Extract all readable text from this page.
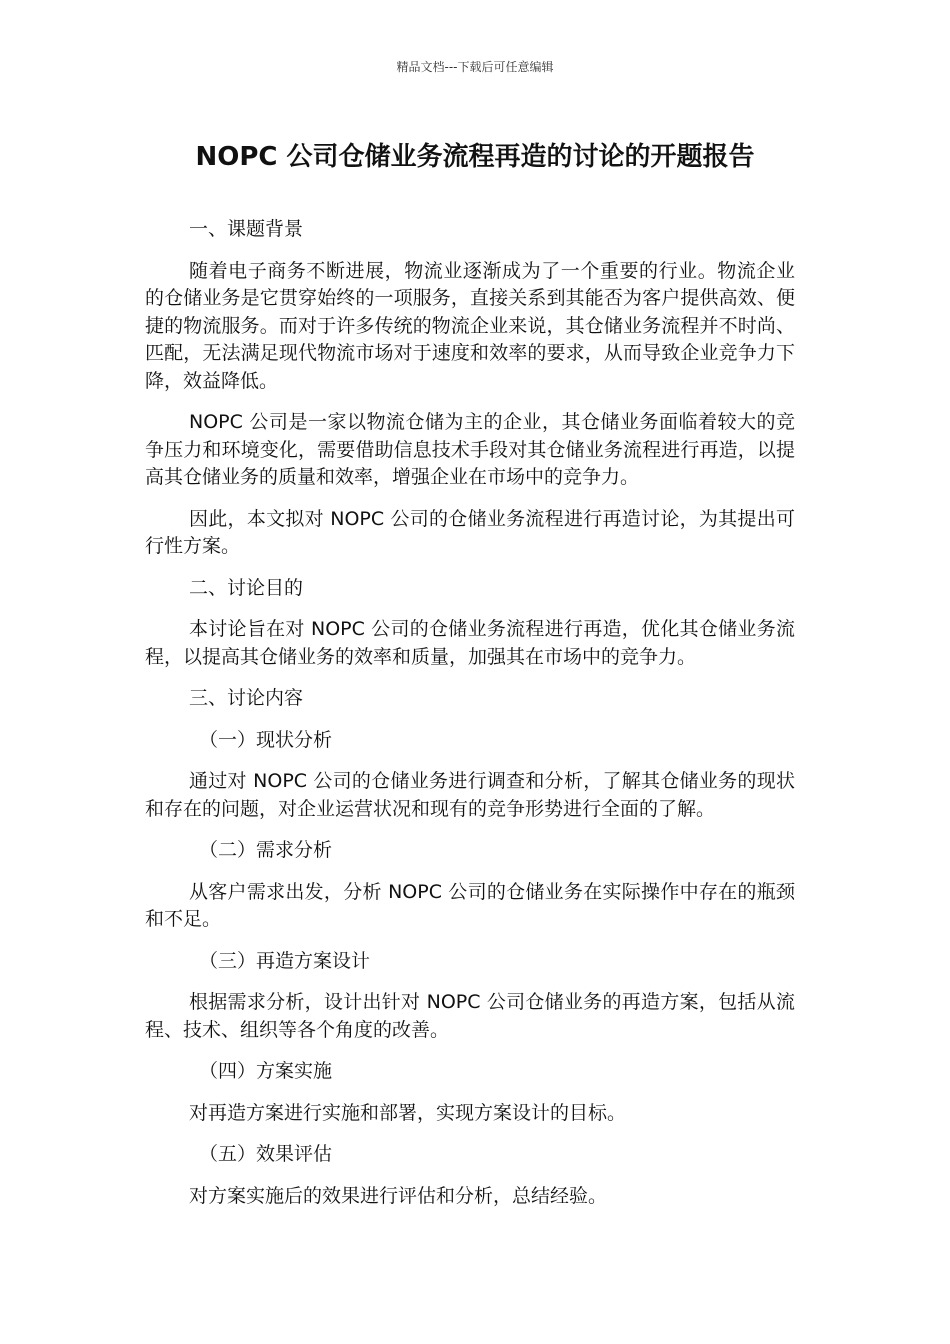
精品文档---下载后可任意编辑
NOPC 公司仓储业务流程再造的讨论的开题报告

一、课题背景

随着电子商务不断进展，物流业逐渐成为了一个重要的行业。物流企业的仓储业务是它贯穿始终的一项服务，直接关系到其能否为客户提供高效、便捷的物流服务。而对于许多传统的物流企业来说，其仓储业务流程并不时尚、匹配，无法满足现代物流市场对于速度和效率的要求，从而导致企业竞争力下降，效益降低。

NOPC 公司是一家以物流仓储为主的企业，其仓储业务面临着较大的竞争压力和环境变化，需要借助信息技术手段对其仓储业务流程进行再造，以提高其仓储业务的质量和效率，增强企业在市场中的竞争力。

因此，本文拟对 NOPC 公司的仓储业务流程进行再造讨论，为其提出可行性方案。

二、讨论目的

本讨论旨在对 NOPC 公司的仓储业务流程进行再造，优化其仓储业务流程，以提高其仓储业务的效率和质量，加强其在市场中的竞争力。

三、讨论内容

（一）现状分析

通过对 NOPC 公司的仓储业务进行调查和分析，了解其仓储业务的现状和存在的问题，对企业运营状况和现有的竞争形势进行全面的了解。

（二）需求分析

从客户需求出发，分析 NOPC 公司的仓储业务在实际操作中存在的瓶颈和不足。

（三）再造方案设计

根据需求分析，设计出针对 NOPC 公司仓储业务的再造方案，包括从流程、技术、组织等各个角度的改善。

（四）方案实施

对再造方案进行实施和部署，实现方案设计的目标。

（五）效果评估

对方案实施后的效果进行评估和分析，总结经验。
